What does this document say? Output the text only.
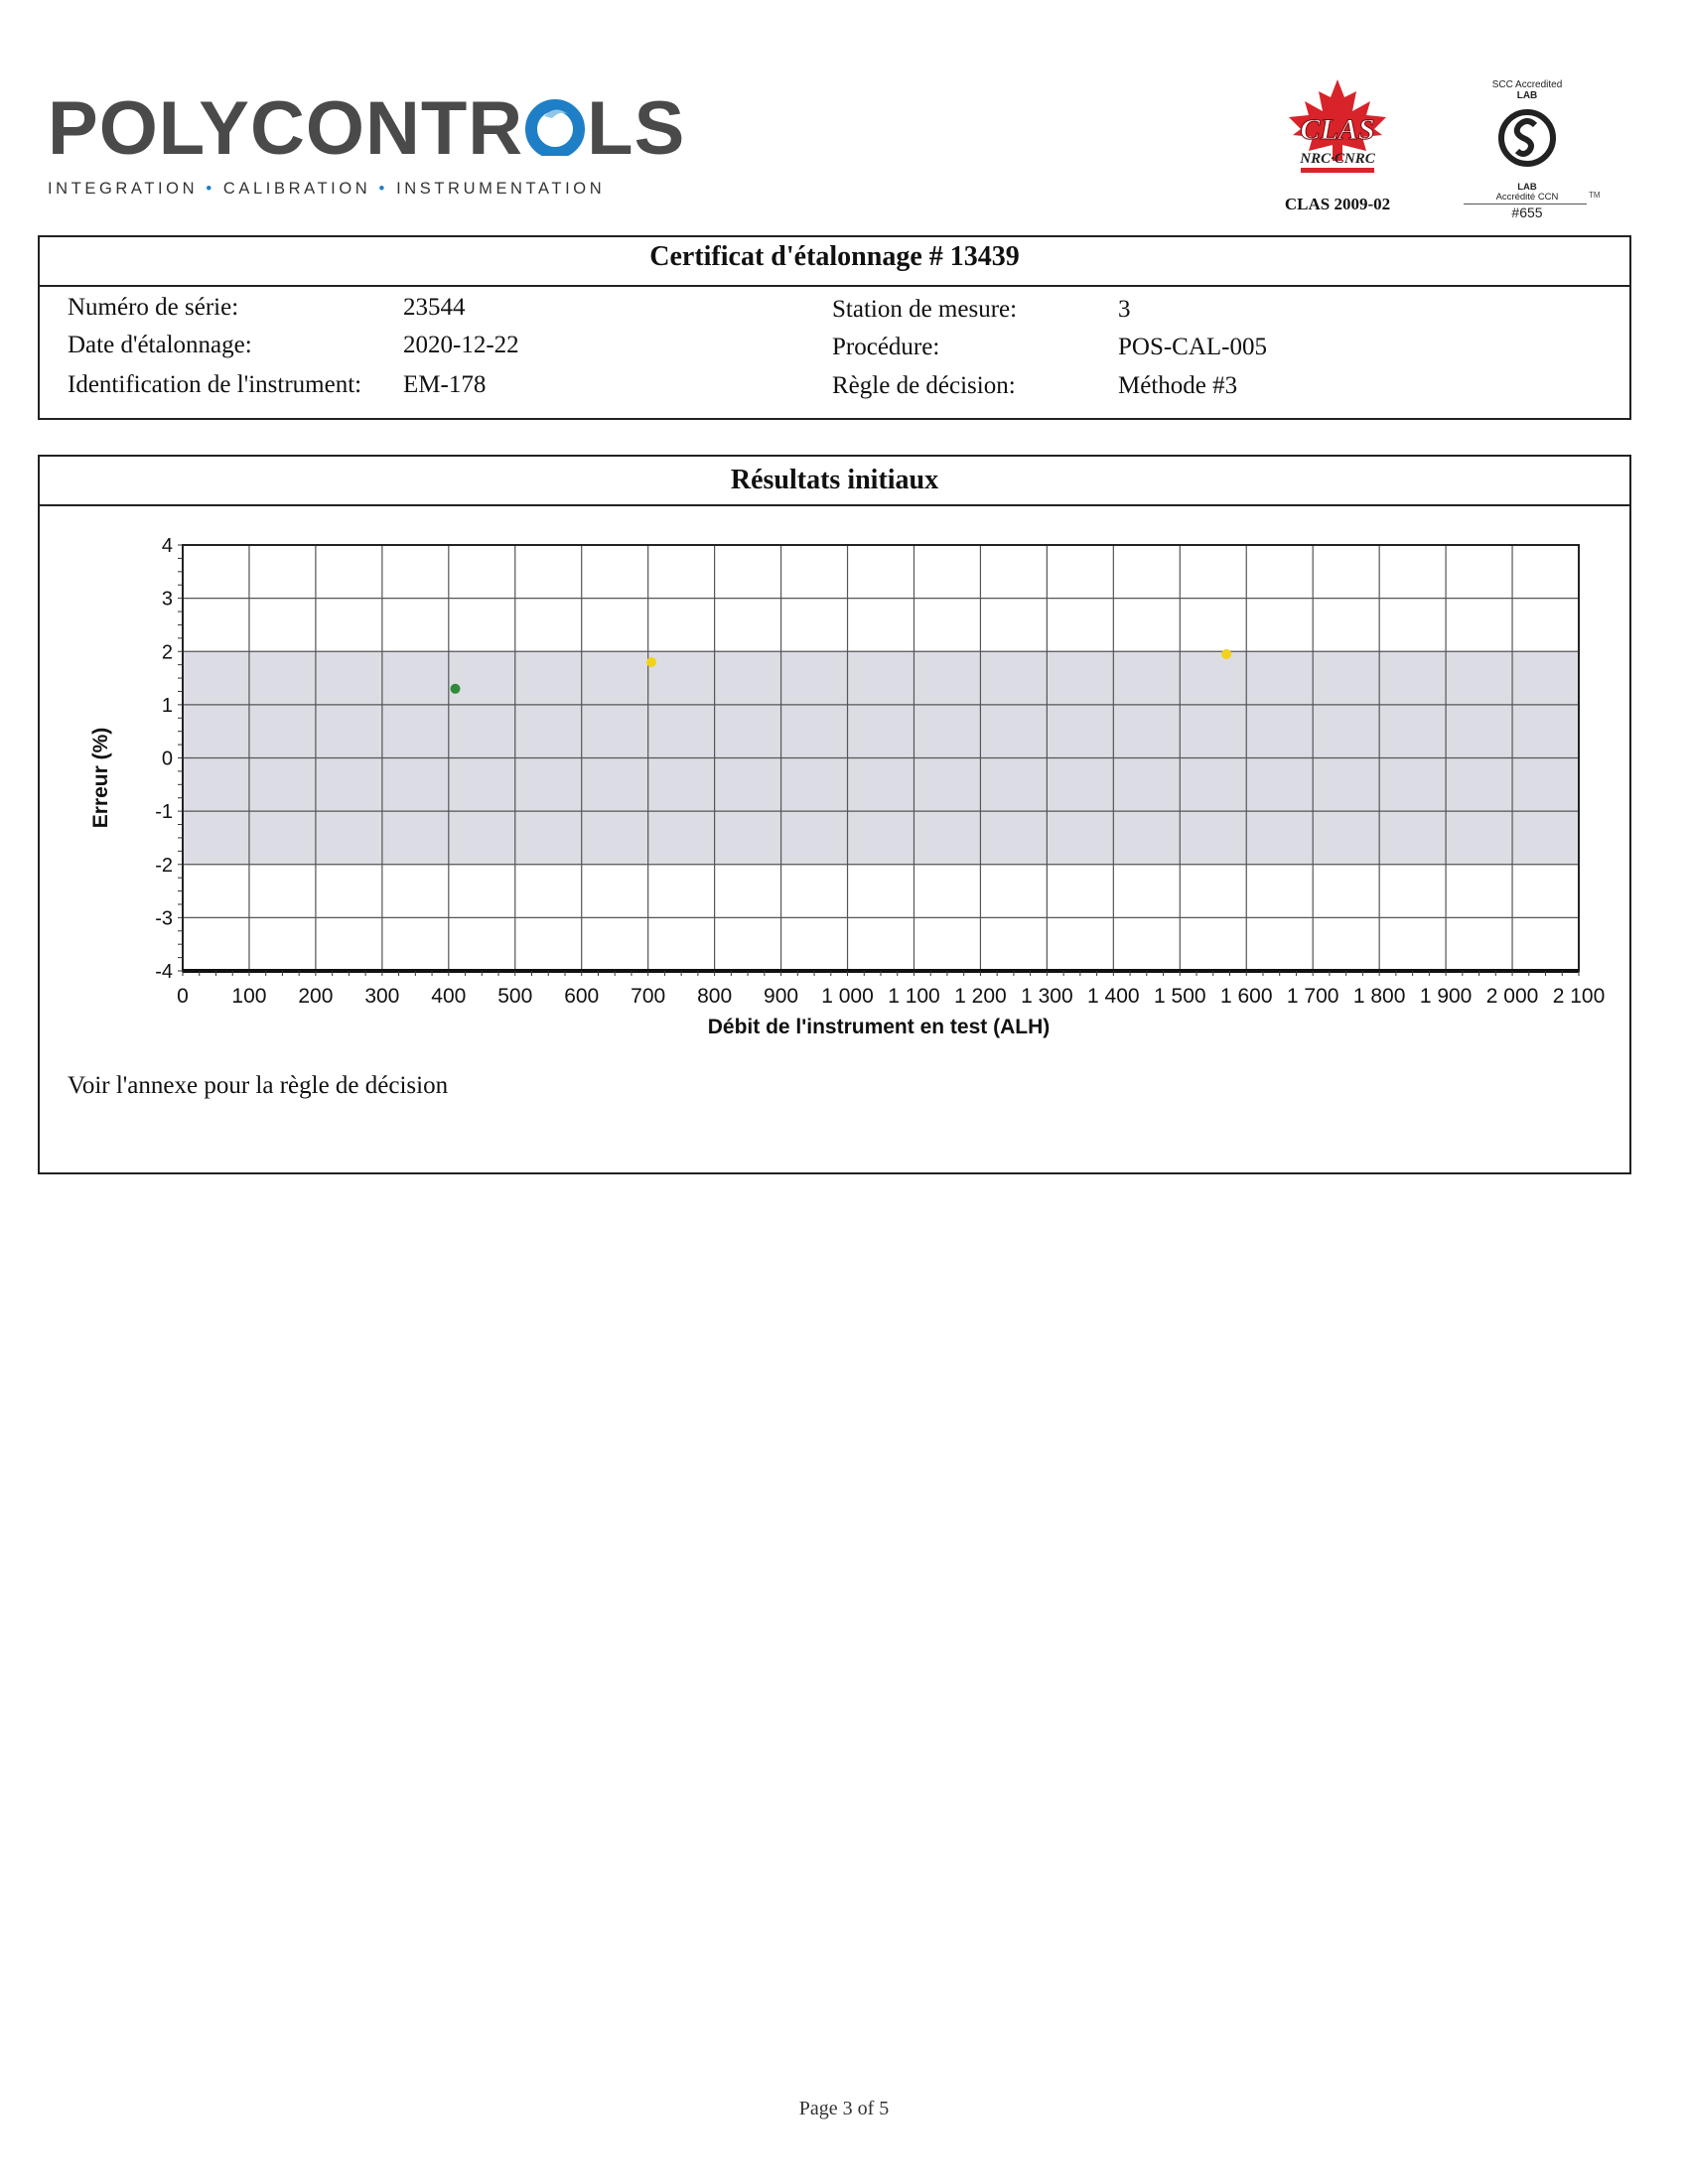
POLYCONTR LS
INTEGRATION • CALIBRATION • INSTRUMENTATION
CLAS
NRC·CNRC
CLAS 2009-02
SCC Accredited
LAB
LAB
Accrédité CCN
#655
TM
Certificat d'étalonnage # 13439
Numéro de série:	23544
Date d'étalonnage:	2020-12-22
Identification de l'instrument: EM-178
Station de mesure:	3
Procédure:	POS-CAL-005
Règle de décision:	Méthode #3
Résultats initiaux
0 100 200 300 400 500 600 700 800 900 1 000 1 100 1 200 1 300 1 400 1 500 1 600 1 700 1 800 1 900 2 000 2 100
-4
-3
-2
-1
0
1
2
3
4
Débit de l'instrument en test (ALH)
Erreur (%)
Voir l'annexe pour la règle de décision
Page 3 of 5
